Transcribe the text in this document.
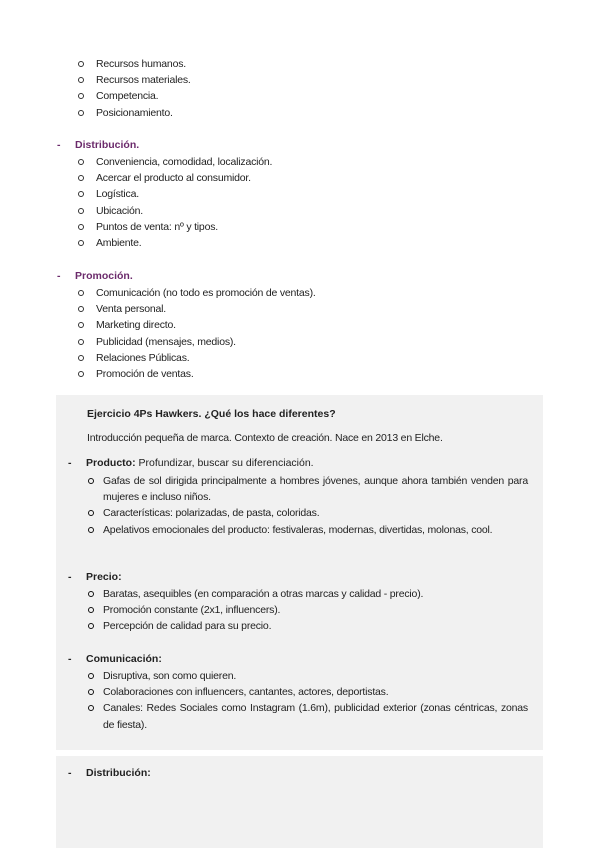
Recursos humanos.
Recursos materiales.
Competencia.
Posicionamiento.
- Distribución.
Conveniencia, comodidad, localización.
Acercar el producto al consumidor.
Logística.
Ubicación.
Puntos de venta: nº y tipos.
Ambiente.
- Promoción.
Comunicación (no todo es promoción de ventas).
Venta personal.
Marketing directo.
Publicidad (mensajes, medios).
Relaciones Públicas.
Promoción de ventas.
Ejercicio 4Ps Hawkers. ¿Qué los hace diferentes?
Introducción pequeña de marca. Contexto de creación. Nace en 2013 en Elche.
- Producto: Profundizar, buscar su diferenciación.
Gafas de sol dirigida principalmente a hombres jóvenes, aunque ahora también venden para mujeres e incluso niños.
Características: polarizadas, de pasta, coloridas.
Apelativos emocionales del producto: festivaleras, modernas, divertidas, molonas, cool.
- Precio:
Baratas, asequibles (en comparación a otras marcas y calidad - precio).
Promoción constante (2x1, influencers).
Percepción de calidad para su precio.
- Comunicación:
Disruptiva, son como quieren.
Colaboraciones con influencers, cantantes, actores, deportistas.
Canales: Redes Sociales como Instagram (1.6m), publicidad exterior (zonas céntricas, zonas de fiesta).
- Distribución:
